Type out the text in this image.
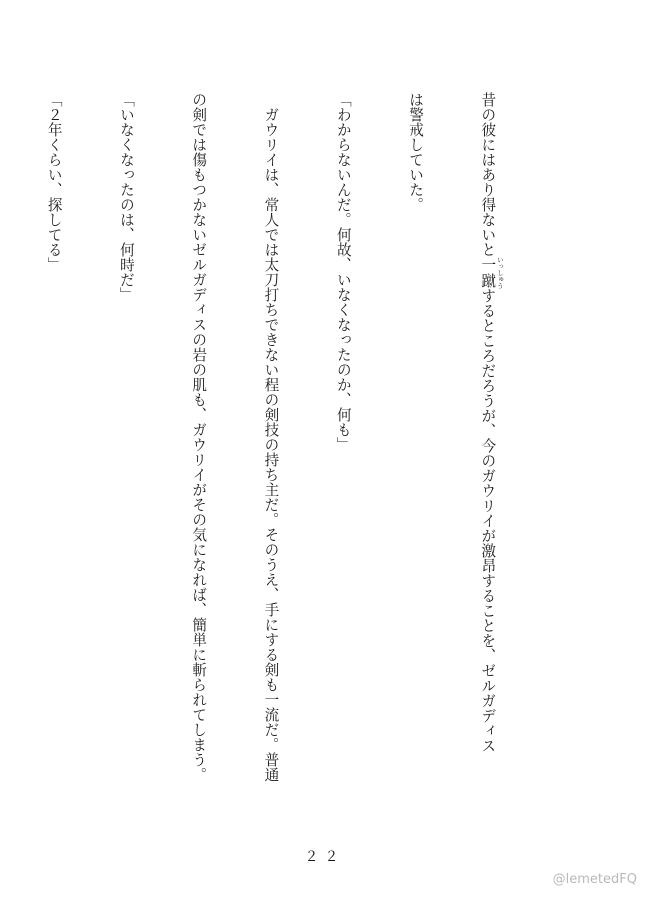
昔の彼にはあり得ないと一蹴 いっしゅうするところだろうが、今のガウリイが激昂することを、ゼルガディス

は警戒していた。

「わからないんだ。何故、いなくなったのか、何も」

　ガウリイは、常人では太刀打ちできない程の剣技の持ち主だ。そのうえ、手にする剣も一流だ。普通

の剣では傷もつかないゼルガディスの岩の肌も、ガウリイがその気になれば、簡単に斬られてしまう。

「いなくなったのは、何時だ」

「２年くらい、探してる」

２２
@lemetedFQ
